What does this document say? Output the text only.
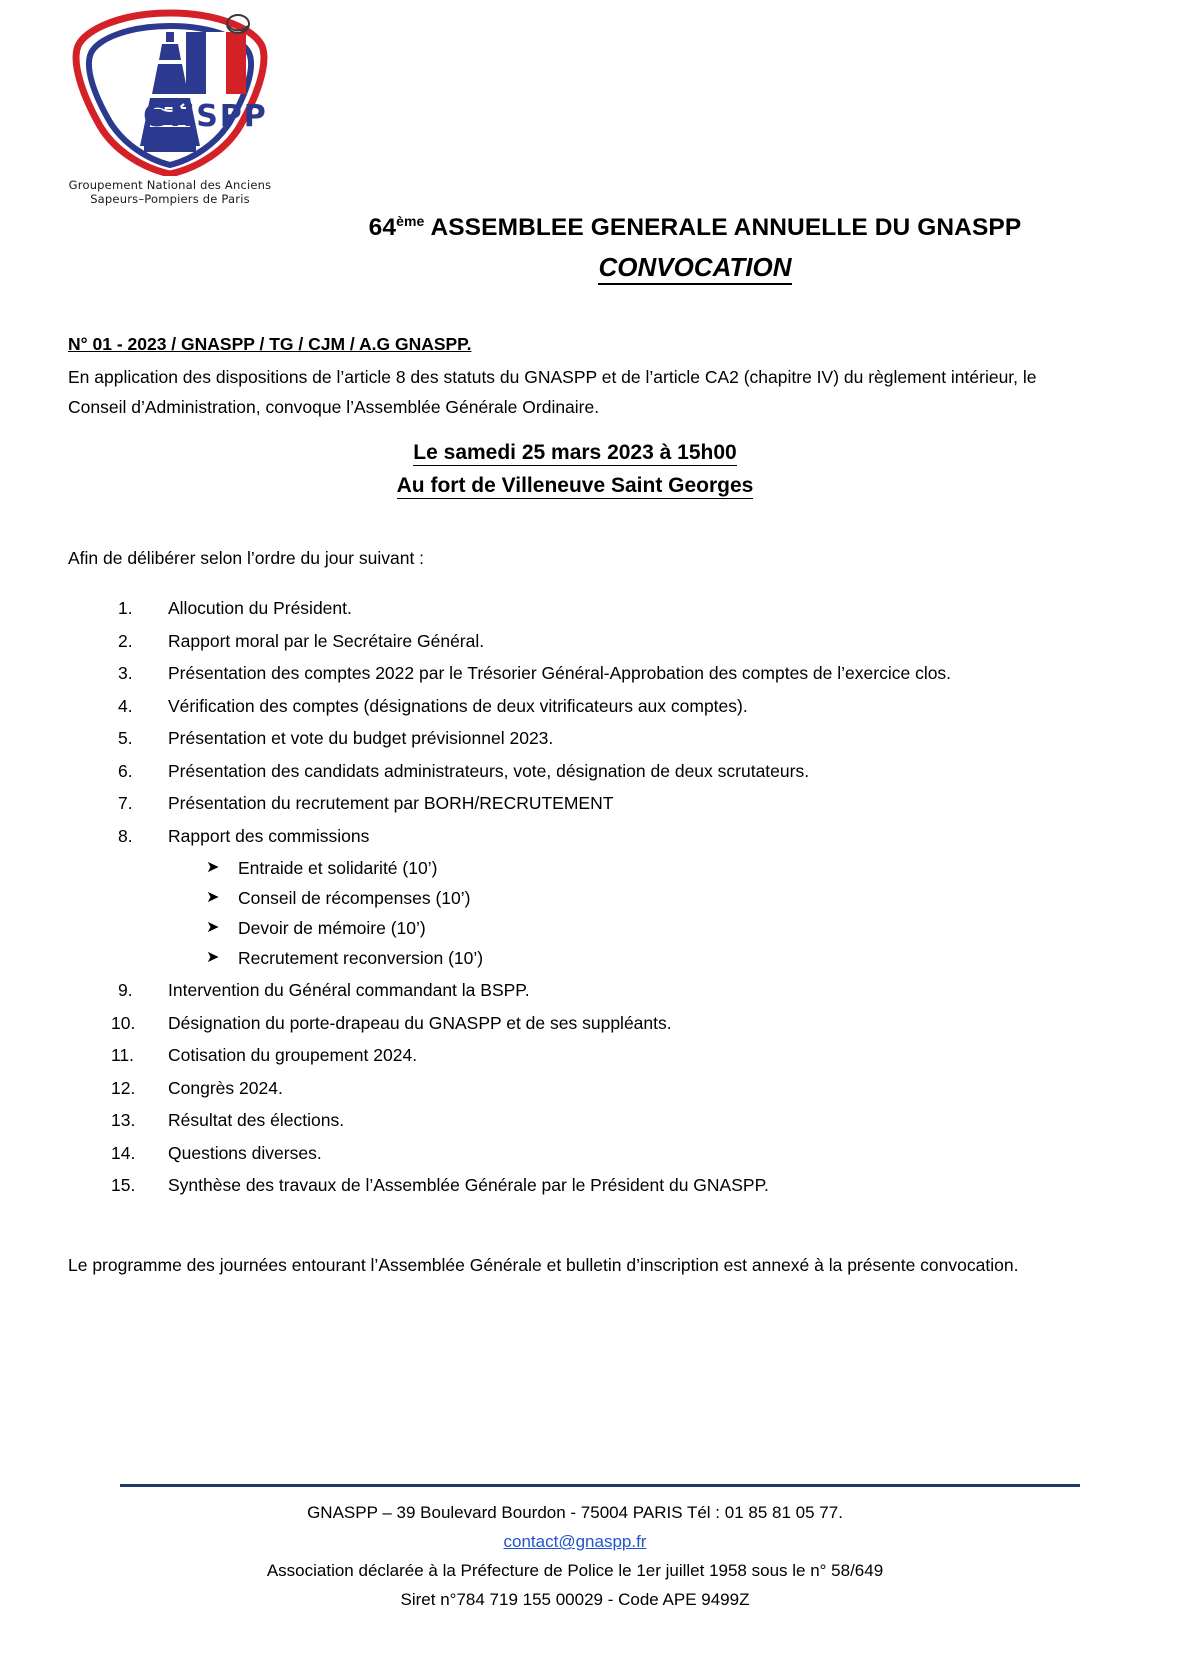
GN SPP
Groupement National des Anciens
Sapeurs–Pompiers de Paris
64ème ASSEMBLEE GENERALE ANNUELLE DU GNASPP
CONVOCATION

N° 01 - 2023 / GNASPP / TG / CJM / A.G GNASPP.

En application des dispositions de l’article 8 des statuts du GNASPP et de l’article CA2 (chapitre IV) du règlement intérieur, le Conseil d’Administration, convoque l’Assemblée Générale Ordinaire.

Le samedi 25 mars 2023 à 15h00

Au fort de Villeneuve Saint Georges

Afin de délibérer selon l’ordre du jour suivant :

Allocution du Président.
Rapport moral par le Secrétaire Général.
Présentation des comptes 2022 par le Trésorier Général-Approbation des comptes de l’exercice clos.
Vérification des comptes (désignations de deux vitrificateurs aux comptes).
Présentation et vote du budget prévisionnel 2023.
Présentation des candidats administrateurs, vote, désignation de deux scrutateurs.
Présentation du recrutement par BORH/RECRUTEMENT
Rapport des commissions
➤ Entraide et solidarité (10’)
➤ Conseil de récompenses (10’)
➤ Devoir de mémoire (10’)
➤ Recrutement reconversion (10’)
Intervention du Général commandant la BSPP.
Désignation du porte-drapeau du GNASPP et de ses suppléants.
Cotisation du groupement 2024.
Congrès 2024.
Résultat des élections.
Questions diverses.
Synthèse des travaux de l’Assemblée Générale par le Président du GNASPP.

Le programme des journées entourant l’Assemblée Générale et bulletin d’inscription est annexé à la présente convocation.

GNASPP – 39 Boulevard Bourdon - 75004 PARIS Tél : 01 85 81 05 77.
contact@gnaspp.fr
Association déclarée à la Préfecture de Police le 1er juillet 1958 sous le n° 58/649
Siret n°784 719 155 00029 - Code APE 9499Z
